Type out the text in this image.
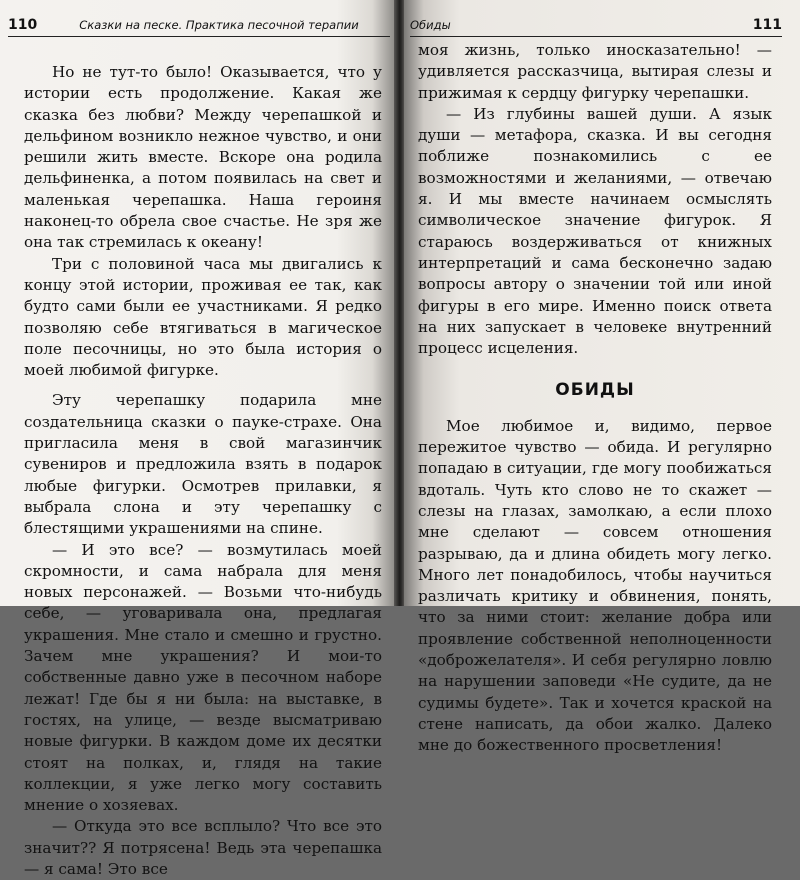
110	Сказки на песке. Практика песочной терапии

Но не тут-то было! Оказывается, что у истории есть продолжение. Какая же сказка без любви? Между черепашкой и дельфином возникло нежное чувство, и они решили жить вместе. Вскоре она родила дельфиненка, а потом появилась на свет и маленькая черепашка. Наша героиня наконец-то обрела свое счастье. Не зря же она так стремилась к океану!

Три с половиной часа мы двигались к концу этой истории, проживая ее так, как будто сами были ее участниками. Я редко позволяю себе втягиваться в магическое поле песочницы, но это была история о моей любимой фигурке.

Эту черепашку подарила мне создательница сказки о пауке-страхе. Она пригласила меня в свой магазинчик сувениров и предложила взять в подарок любые фигурки. Осмотрев прилавки, я выбрала слона и эту черепашку с блестящими украшениями на спине.

— И это все? — возмутилась моей скромности, и сама набрала для меня новых персонажей. — Возьми что-нибудь себе, — уговаривала она, предлагая украшения. Мне стало и смешно и грустно. Зачем мне украшения? И мои-то собственные давно уже в песочном наборе лежат! Где бы я ни была: на выставке, в гостях, на улице, — везде высматриваю новые фигурки. В каждом доме их десятки стоят на полках, и, глядя на такие коллекции, я уже легко могу составить мнение о хозяевах.

— Откуда это все всплыло? Что все это значит?? Я потрясена! Ведь эта черепашка — я сама! Это все

Обиды	111

моя жизнь, только иносказательно! — удивляется рассказчица, вытирая слезы и прижимая к сердцу фигурку черепашки.

— Из глубины вашей души. А язык души — метафора, сказка. И вы сегодня поближе познакомились с ее возможностями и желаниями, — отвечаю я. И мы вместе начинаем осмыслять символическое значение фигурок. Я стараюсь воздерживаться от книжных интерпретаций и сама бесконечно задаю вопросы автору о значении той или иной фигуры в его мире. Именно поиск ответа на них запускает в человеке внутренний процесс исцеления.

ОБИДЫ

Мое любимое и, видимо, первое пережитое чувство — обида. И регулярно попадаю в ситуации, где могу пообижаться вдоталь. Чуть кто слово не то скажет — слезы на глазах, замолкаю, а если плохо мне сделают — совсем отношения разрываю, да и длина обидеть могу легко. Много лет понадобилось, чтобы научиться различать критику и обвинения, понять, что за ними стоит: желание добра или проявление собственной неполноценности «доброжелателя». И себя регулярно ловлю на нарушении заповеди «Не судите, да не судимы будете». Так и хочется краской на стене написать, да обои жалко. Далеко мне до божественного просветления!
